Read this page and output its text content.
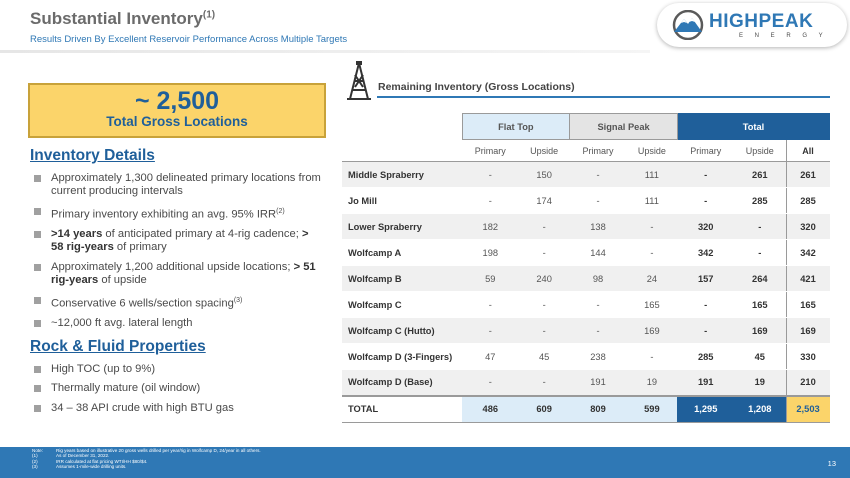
Substantial Inventory$^{(1)}$
Results Driven By Excellent Reservoir Performance Across Multiple Targets
HIGHPEAK
E N E R G Y
~ 2,500
Total Gross Locations
Inventory Details
Approximately 1,300 delineated primary locations from current producing intervals
Primary inventory exhibiting an avg. 95% $IRR^{(2)}$
>14 years of anticipated primary at 4-rig cadence; > 58 rig-years of primary
Approximately 1,200 additional upside locations; > 51 rig-years of upside
Conservative 6 wells/section spacing$^{(3)}$
~12,000 ft avg. lateral length
Rock & Fluid Properties
High TOC (up to 9%)
Thermally mature (oil window)
34 – 38 API crude with high BTU gas
Remaining Inventory (Gross Locations)
	Flat Top		Signal Peak		Total		
	Primary	Upside	Primary	Upside	Primary	Upside	All
Middle Spraberry	-	150	-	111	-	261	261
Jo Mill	-	174	-	111	-	285	285
Lower Spraberry	182	-	138	-	320	-	320
Wolfcamp A	198	-	144	-	342	-	342
Wolfcamp B	59	240	98	24	157	264	421
Wolfcamp C	-	-	-	165	-	165	165
Wolfcamp C (Hutto)	-	-	-	169	-	169	169
Wolfcamp D (3-Fingers)	47	45	238	-	285	45	330
Wolfcamp D (Base)	-	-	191	19	191	19	210
TOTAL	486	609	809	599	1,295	1,208	2,503
Note:	Rig years based on illustrative 20 gross wells drilled per year/rig in Wolfcamp D, 24/year in all others.
(1)	As of December 31, 2022.
(2)	IRR calculated at flat pricing WTI/HH $80/$4.
(3)	Assumes 1-mile-wide drilling units.	13
